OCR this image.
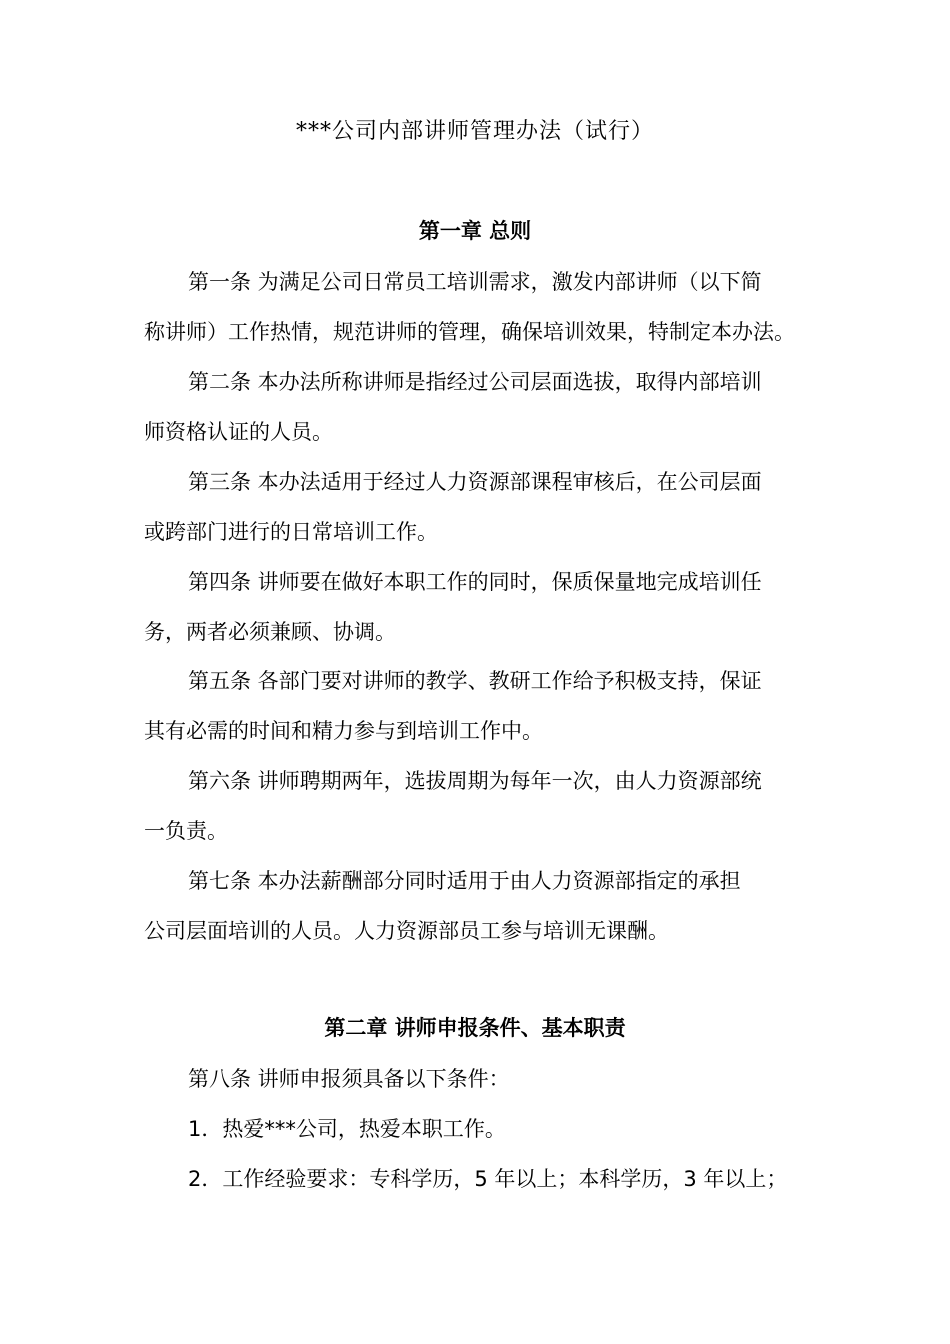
***公司内部讲师管理办法（试行）
第一章 总则
第一条 为满足公司日常员工培训需求，激发内部讲师（以下简
称讲师）工作热情，规范讲师的管理，确保培训效果，特制定本办法。
第二条 本办法所称讲师是指经过公司层面选拔，取得内部培训
师资格认证的人员。
第三条 本办法适用于经过人力资源部课程审核后，在公司层面
或跨部门进行的日常培训工作。
第四条 讲师要在做好本职工作的同时，保质保量地完成培训任
务，两者必须兼顾、协调。
第五条 各部门要对讲师的教学、教研工作给予积极支持，保证
其有必需的时间和精力参与到培训工作中。
第六条 讲师聘期两年，选拔周期为每年一次，由人力资源部统
一负责。
第七条 本办法薪酬部分同时适用于由人力资源部指定的承担
公司层面培训的人员。人力资源部员工参与培训无课酬。
第二章 讲师申报条件、基本职责
第八条 讲师申报须具备以下条件：
1．热爱***公司，热爱本职工作。
2．工作经验要求：专科学历，5 年以上；本科学历，3 年以上；
